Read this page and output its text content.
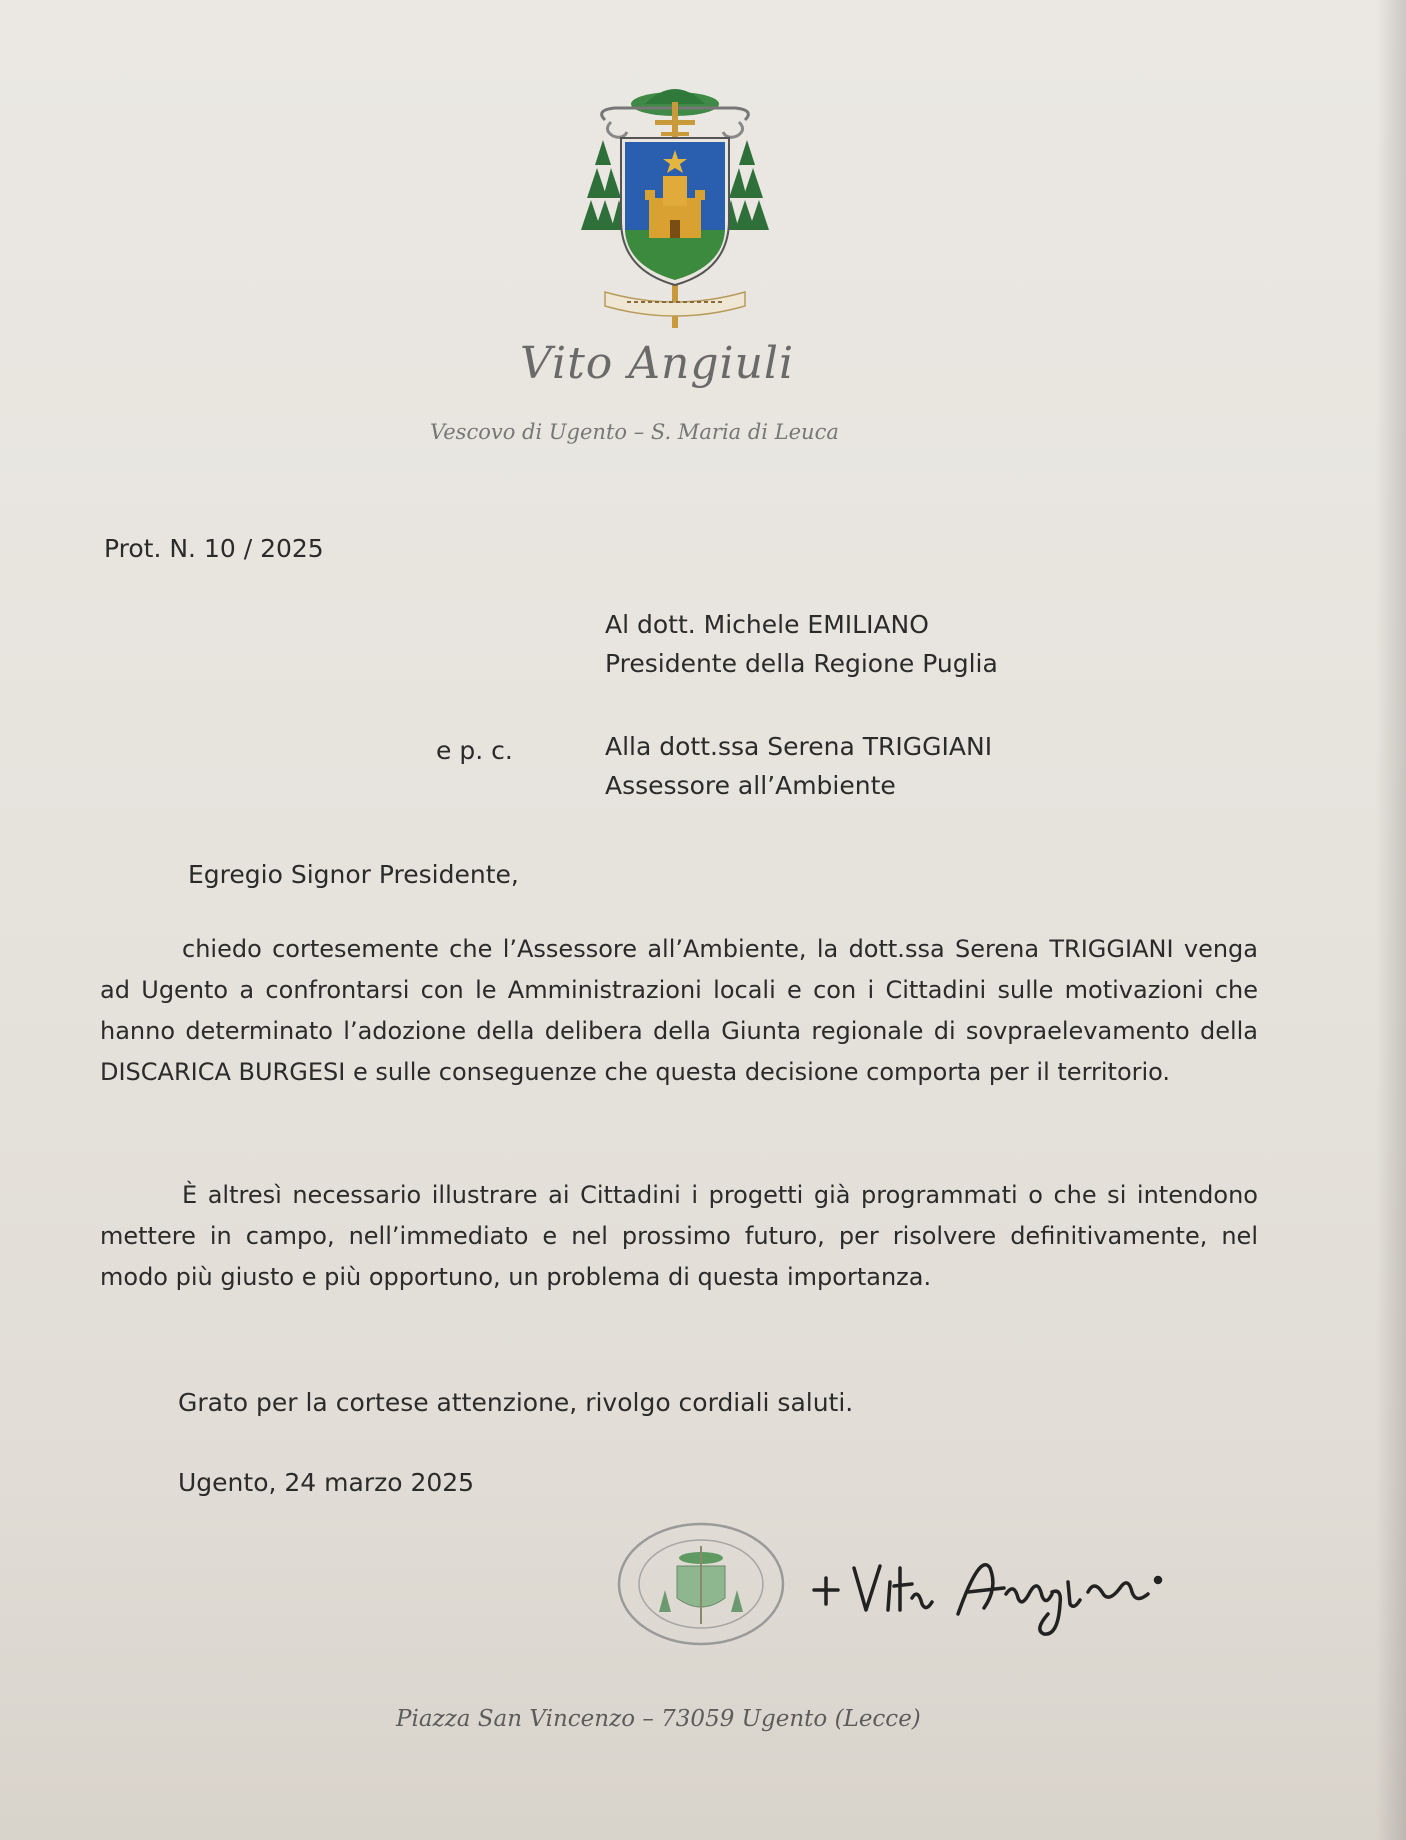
Vito Angiuli
Vescovo di Ugento – S. Maria di Leuca
Prot. N. 10 / 2025
Al dott. Michele EMILIANO
Presidente della Regione Puglia
e p. c.	Alla dott.ssa Serena TRIGGIANI
Assessore all’Ambiente
Egregio Signor Presidente,
chiedo cortesemente che l’Assessore all’Ambiente, la dott.ssa Serena TRIGGIANI venga ad Ugento a confrontarsi con le Amministrazioni locali e con i Cittadini sulle motivazioni che hanno determinato l’adozione della delibera della Giunta regionale di sovpraelevamento della DISCARICA BURGESI e sulle conseguenze che questa decisione comporta per il territorio.
È altresì necessario illustrare ai Cittadini i progetti già programmati o che si intendono mettere in campo, nell’immediato e nel prossimo futuro, per risolvere definitivamente, nel modo più giusto e più opportuno, un problema di questa importanza.
Grato per la cortese attenzione, rivolgo cordiali saluti.
Ugento, 24 marzo 2025
Piazza San Vincenzo – 73059 Ugento (Lecce)
